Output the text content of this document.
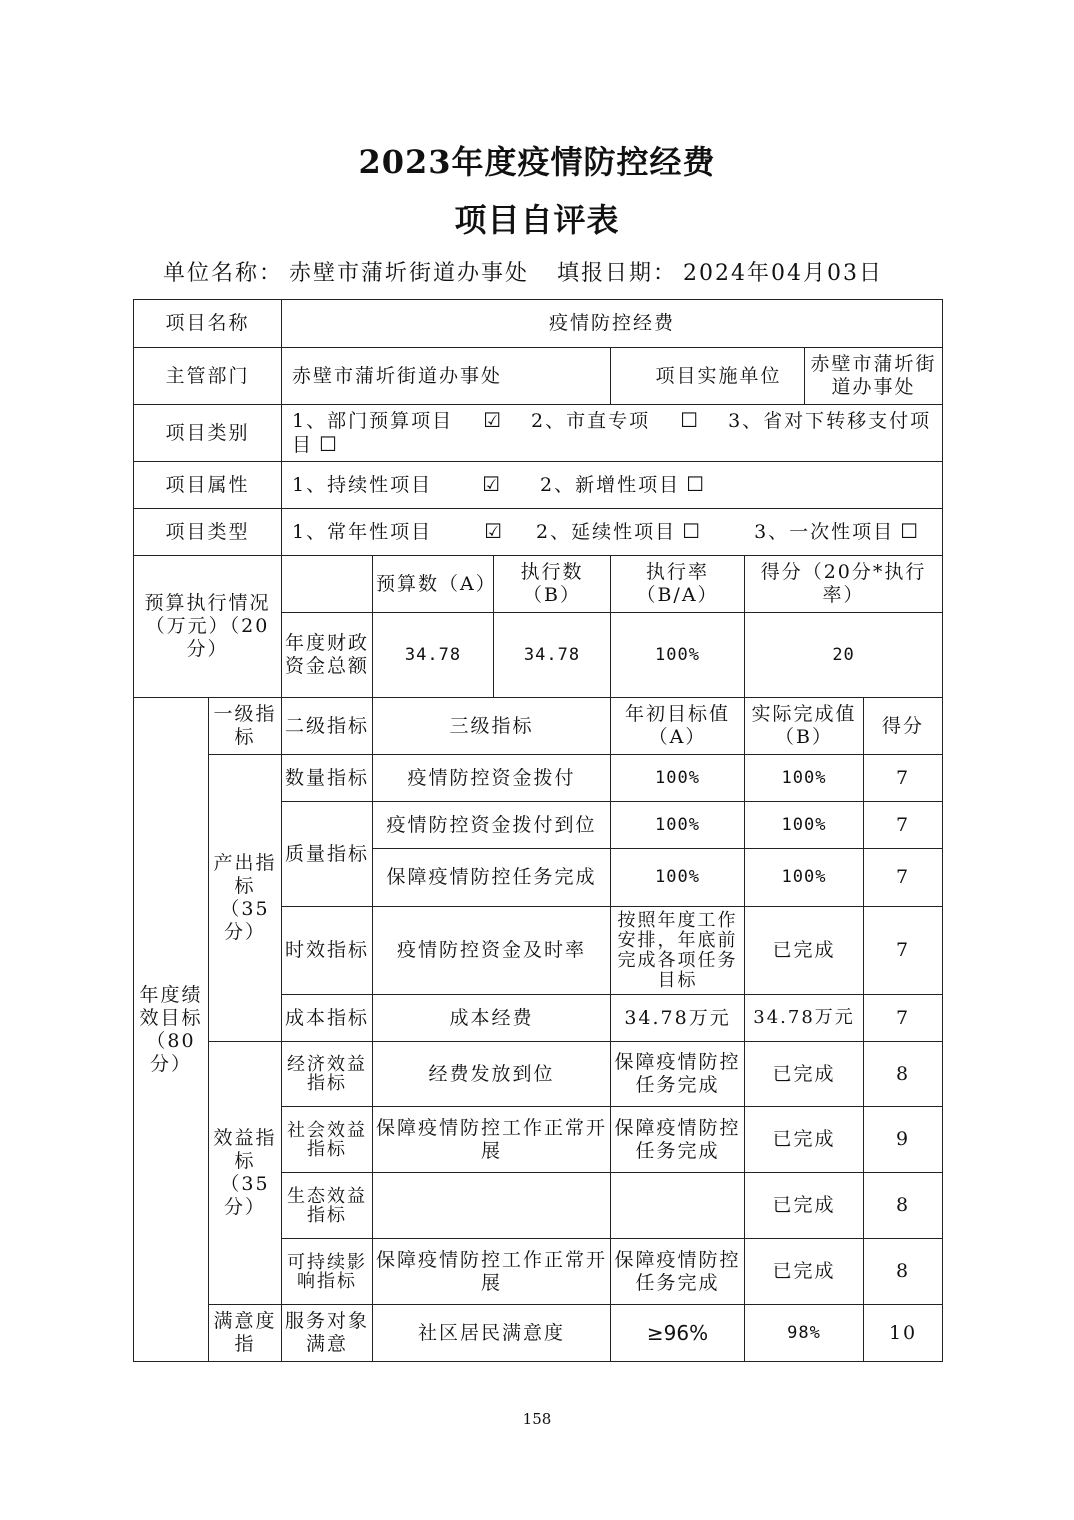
2023年度疫情防控经费
项目自评表
单位名称： 赤壁市蒲圻街道办事处 填报日期： 2024年04月03日
项目名称		疫情防控经费					
主管部门		赤壁市蒲圻街道办事处			项目实施单位		赤壁市蒲圻街道办事处

项目类别		1、部门预算项目 ☑ 2、市直专项 ☐ 3、省对下转移支付项目 ☐					
项目属性		1、持续性项目 ☑ 2、新增性项目 ☐					
项目类型		1、常年性项目 ☑ 2、延续性项目 ☐ 3、一次性项目 ☐					
预算执行情况（万元）（20分）			预算数（A）	执行数（B）	执行率（B/A）	得分（20分*执行率）	
		年度财政资金总额	34.78	34.78	100%	20	
年度绩效目标（80分）	一级指标	二级指标	三级指标		年初目标值（A）	实际完成值（B）	得分
	产出指标（35分）	数量指标	疫情防控资金拨付		100%	100%	7
		质量指标	疫情防控资金拨付到位		100%	100%	7
			保障疫情防控任务完成		100%	100%	7
		时效指标	疫情防控资金及时率		按照年度工作安排，年底前完成各项任务目标	已完成	7
		成本指标	成本经费		34.78万元	34.78万元	7
	效益指标（35分）	经济效益指标	经费发放到位		保障疫情防控任务完成	已完成	8
		社会效益指标	保障疫情防控工作正常开展		保障疫情防控任务完成	已完成	9
		生态效益指标				已完成	8
		可持续影响指标	保障疫情防控工作正常开展		保障疫情防控任务完成	已完成	8
	满意度指	服务对象满意	社区居民满意度		≥96%	98%	10
158
